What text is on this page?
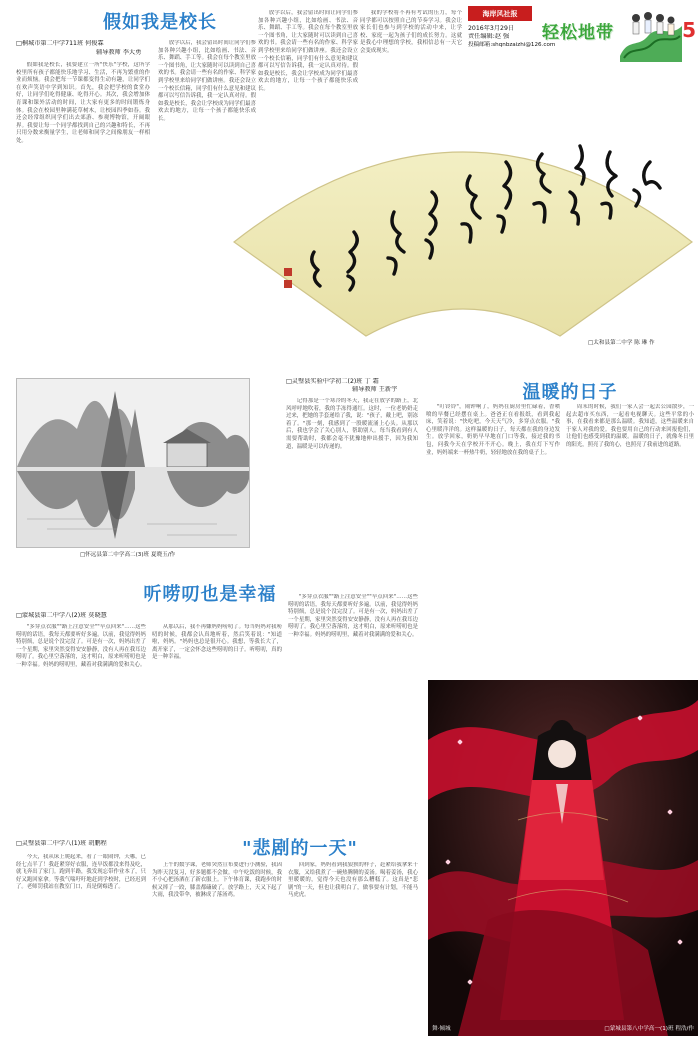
海岸风社报
2016年3月29日
责任编辑:赵 强
投稿邮箱:shqnbzaizhi@126.com
轻松地带	5
假如我是校长
□桐城市第二中学711班 何俊霖
辅导教师 李大勇

假如我是校长，我要建立一所"快乐"学校，这所学校里所有孩子都能快乐地学习、生活，不再为繁重的作业而烦恼。我会把每一节课都变得生动有趣，让同学们在欢声笑语中学到知识。首先，我会把学校的食堂办好，让同学们吃得健康、吃得开心。其次，我会增加体育课和课外活动的时间，让大家有更多的时间锻炼身体。我会在校园里种满花草树木，让校园四季如春。我还会经常组织同学们出去郊游、参观博物馆，开阔眼界。我要让每一个同学都找到自己的兴趣和特长，不再只用分数来衡量学生，让老师和同学之间像朋友一样相处。

放学以后，我会留出时间让同学们参加各种兴趣小组，比如绘画、书法、音乐、舞蹈、手工等。我会在每个教室里放一个图书角，让大家随时可以读到自己喜欢的书。我会请一些有名的作家、科学家到学校里来给同学们做讲座。我还会设立一个校长信箱，同学们有什么意见和建议都可以写信告诉我，我一定认真对待。假如我是校长，我会让学校成为同学们最喜欢去的地方，让每一个孩子都能快乐成长。

放学以后，我会留出时间让同学们参加各种兴趣小组，比如绘画、书法、音乐、舞蹈、手工等。我会在每个教室里放一个图书角，让大家随时可以读到自己喜欢的书。我会请一些有名的作家、科学家到学校里来给同学们做讲座。我还会设立一个校长信箱，同学们有什么意见和建议都可以写信告诉我，我一定认真对待。假如我是校长，我会让学校成为同学们最喜欢去的地方，让每一个孩子都能快乐成长。

我的学校将不再有考试的压力，每个同学都可以按照自己的节奏学习。我会让家长们也参与到学校的活动中来，让学校、家庭一起为孩子们的成长努力。这就是我心中理想的学校，我相信总有一天它会变成现实。

□太和县第二中学 陈 琳 作
□怀远县第二中学高二(3)班 夏晓玉/作
□灵璧县实验中学初二(2)班 丁 霜
辅导教师 王新宇

记得那是一个寒冷的冬天，我走在放学的路上，北风呼呼地吹着，我的手冻得通红。这时，一位老奶奶走过来，把她的手套递给了我，说："孩子，戴上吧，别冻着了。"那一刻，我感到了一股暖流涌上心头。从那以后，我也学会了关心别人，帮助别人。每当我看到有人需要帮助时，我都会毫不犹豫地伸出援手，因为我知道，温暖是可以传递的。

温暖的日子

"叮铃铃"，闹钟响了，妈妈在厨房里忙碌着，香喷喷的早餐已经摆在桌上。爸爸正在看报纸，看到我起床，笑着说："快吃吧，今天天气冷，多穿点衣服。"我心里暖洋洋的。这样温暖的日子，每天都在我的身边发生。放学回家，奶奶早早地在门口等我，接过我的书包，问我今天在学校开不开心。晚上，我在灯下写作业，妈妈端来一杯热牛奶，轻轻地放在我的桌子上。

周末的时候，我们一家人会一起去公园散步，一起去超市买东西，一起看电视聊天。这些平常的小事，在我看来都是那么温暖。我知道，这些温暖来自于家人对我的爱。我也要用自己的行动来回报他们，让他们也感受到我的温暖。温暖的日子，就像冬日里的阳光，照亮了我的心，也照亮了我前进的道路。

听唠叨也是幸福
□蒙城县第二中学八(2)班 莫晓慧

"多穿点衣服""路上注意安全""早点回来"……这些唠叨的话语，我每天都要听好多遍。以前，我觉得妈妈特别烦，总是说个没完没了。可是有一次，妈妈出差了一个星期，家里突然变得安安静静，没有人再在我耳边唠叨了。我心里空落落的，这才明白，原来听唠叨也是一种幸福。妈妈的唠叨里，藏着对我满满的爱和关心。

从那以后，我不再嫌妈妈唠叨了。每当妈妈对我唠叨的时候，我都会认真地听着，然后笑着说："知道啦，妈妈。"妈妈也总是很开心。我想，等我长大了，离开家了，一定会怀念这些唠叨的日子。听唠叨，真的是一种幸福。

"多穿点衣服""路上注意安全""早点回来"……这些唠叨的话语，我每天都要听好多遍。以前，我觉得妈妈特别烦，总是说个没完没了。可是有一次，妈妈出差了一个星期，家里突然变得安安静静，没有人再在我耳边唠叨了。我心里空落落的，这才明白，原来听唠叨也是一种幸福。妈妈的唠叨里，藏着对我满满的爱和关心。

"悲剧的一天"
□灵璧县第二中学八(1)班 胡鹏程

今天，我从床上爬起来，看了一眼闹钟，天哪，已经七点半了！我赶紧穿好衣服，连早饭都没来得及吃，就飞奔出了家门。跑到半路，我发现忘带作业本了，只好又跑回家拿。等我气喘吁吁地赶到学校时，已经迟到了。老师罚我站在教室门口，真是倒霉透了。

上午的数学课，老师突然宣布要进行小测验，我因为昨天没复习，好多题都不会做。中午吃饭的时候，我不小心把汤洒在了新衣服上。下午体育课，我跑步的时候又摔了一跤，膝盖都磕破了。放学路上，天又下起了大雨，我没带伞，被淋成了落汤鸡。

回到家，妈妈看到我狼狈的样子，赶紧给我拿来干衣服，又给我煮了一碗热腾腾的姜汤。喝着姜汤，我心里暖暖的，觉得今天也没有那么糟糕了。这真是"悲剧"的一天，但也让我明白了，做事要有计划，不能马马虎虎。

舞·倾城	□蒙城县第八中学高一(1)班 程浩/作
